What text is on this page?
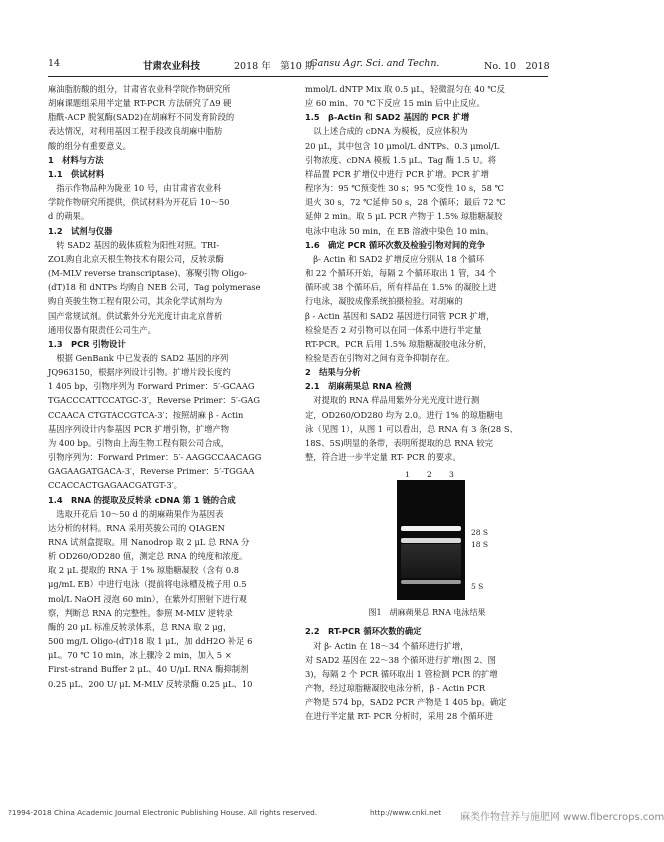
14	甘肃农业科技	2018 年　第10 期
Gansu Agr. Sci. and Techn.	No. 10　2018
麻油脂肪酸的组分，甘肃省农业科学院作物研究所
胡麻课题组采用半定量 RT-PCR 方法研究了Δ9 硬
脂酰-ACP 脱氢酶(SAD2)在胡麻籽不同发育阶段的
表达情况，对利用基因工程手段改良胡麻中脂肪
酸的组分有重要意义。
1　材料与方法
1.1　供试材料
　指示作物品种为陇亚 10 号，由甘肃省农业科
学院作物研究所提供，供试材料为开花后 10～50
d 的蒴果。
1.2　试剂与仪器
　转 SAD2 基因的载体质粒为阳性对照。TRI-
ZOL购自北京天根生物技术有限公司，反转录酶
(M-MLV reverse transcriptase)、寡聚引物 Oligo-
(dT)18 和 dNTPs 均购自 NEB 公司，Tag polymerase
购自英骏生物工程有限公司，其余化学试剂均为
国产常规试剂。供试紫外分光光度计由北京普析
通用仪器有限责任公司生产。
1.3　PCR 引物设计
　根据 GenBank 中已发表的 SAD2 基因的序列
JQ963150，根据序列设计引物。扩增片段长度约
1 405 bp，引物序列为 Forward Primer：5′-GCAAG
TGACCCATTCCATGC-3′，Reverse Primer：5′-GAG
CCAACA CTGTACCGTCA-3′；按照胡麻 β - Actin
基因序列设计内参基因 PCR 扩增引物，扩增产物
为 400 bp。引物由上海生物工程有限公司合成，
引物序列为：Forward Primer：5′- AAGGCCAACAGG
GAGAAGATGACA-3′，Reverse Primer：5′-TGGAA
CCACCACTGAGAACGATGT-3′。
1.4　RNA 的提取及反转录 cDNA 第 1 链的合成
　选取开花后 10～50 d 的胡麻蒴果作为基因表
达分析的材料。RNA 采用英骏公司的 QIAGEN
RNA 试剂盒提取。用 Nanodrop 取 2 μL 总 RNA 分
析 OD260/OD280 值，测定总 RNA 的纯度和浓度。
取 2 μL 提取的 RNA 于 1% 琼脂糖凝胶（含有 0.8
μg/mL EB）中进行电泳（提前将电泳槽及梳子用 0.5
mol/L NaOH 浸泡 60 min），在紫外灯照射下进行观
察，判断总 RNA 的完整性。参照 M-MLV 逆转录
酶的 20 μL 标准反转录体系，总 RNA 取 2 μg，
500 mg/L Oligo-(dT)18 取 1 μL，加 ddH2O 补足 6
μL。70 ℃ 10 min，冰上骤冷 2 min，加入 5 ×
First-strand Buffer 2 μL、40 U/μL RNA 酶抑制剂
0.25 μL、200 U/ μL M-MLV 反转录酶 0.25 μL、10
mmol/L dNTP Mix 取 0.5 μL，轻微混匀在 40 ℃反
应 60 min、70 ℃下反应 15 min 后中止反应。
1.5　β-Actin 和 SAD2 基因的 PCR 扩增
　以上述合成的 cDNA 为模板，反应体积为
20 μL，其中包含 10 μmol/L dNTPs、0.3 μmol/L
引物浓度、cDNA 模板 1.5 μL、Tag 酶 1.5 U。将
样品置 PCR 扩增仪中进行 PCR 扩增。PCR 扩增
程序为：95 ℃预变性 30 s；95 ℃变性 10 s，58 ℃
退火 30 s，72 ℃延伸 50 s，28 个循环；最后 72 ℃
延伸 2 min。取 5 μL PCR 产物于 1.5% 琼脂糖凝胶
电泳中电泳 50 min，在 EB 溶液中染色 10 min。
1.6　确定 PCR 循环次数及检验引物对间的竞争
　β- Actin 和 SAD2 扩增反应分别从 18 个循环
和 22 个循环开始，每隔 2 个循环取出 1 管，34 个
循环或 38 个循环后，所有样品在 1.5% 的凝胶上进
行电泳，凝胶成像系统拍摄检验。对胡麻的
β - Actin 基因和 SAD2 基因进行同管 PCR 扩增，
检验是否 2 对引物可以在同一体系中进行半定量
RT-PCR。PCR 后用 1.5% 琼脂糖凝胶电泳分析，
检验是否在引物对之间有竞争抑制存在。
2　结果与分析
2.1　胡麻蒴果总 RNA 检测
　对提取的 RNA 样品用紫外分光光度计进行测
定，OD260/OD280 均为 2.0。进行 1% 的琼脂糖电
泳（见图 1），从图 1 可以看出，总 RNA 有 3 条(28 S、
18S、5S)明显的条带，表明所提取的总 RNA 较完
整，符合进一步半定量 RT- PCR 的要求。
1 2 3
28 S
18 S
5 S
图1　胡麻蒴果总 RNA 电泳结果
2.2　RT-PCR 循环次数的确定
　对 β- Actin 在 18～34 个循环进行扩增，
对 SAD2 基因在 22～38 个循环进行扩增(图 2、图
3)，每隔 2 个 PCR 循环取出 1 管检测 PCR 的扩增
产物，经过琼脂糖凝胶电泳分析，β - Actin PCR
产物是 574 bp，SAD2 PCR 产物是 1 405 bp。确定
在进行半定量 RT- PCR 分析时，采用 28 个循环进
?1994-2018 China Academic Journal Electronic Publishing House. All rights reserved.	http://www.cnki.net 麻类作物营养与施肥网 www.fibercrops.com
